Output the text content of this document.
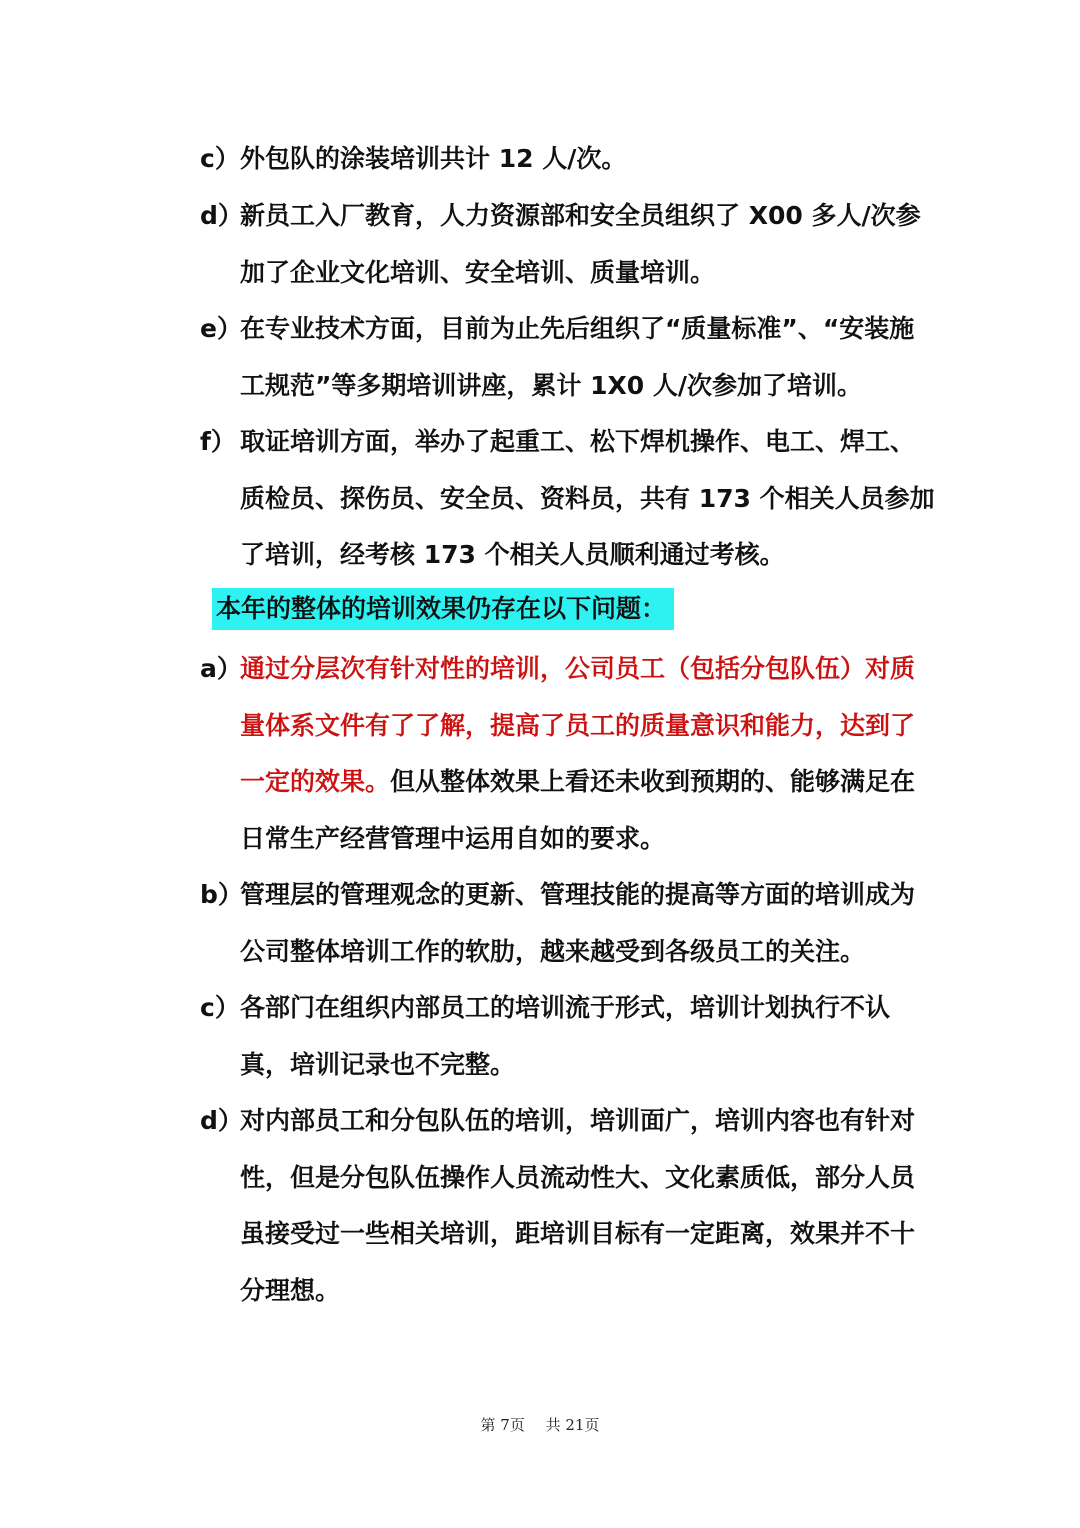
c） 外包队的涂装培训共计 12 人/次。
d）
新员工入厂教育，人力资源部和安全员组织了 X00 多人/次参
加了企业文化培训、安全培训、质量培训。
e）
在专业技术方面，目前为止先后组织了“质量标准”、“安装施
工规范”等多期培训讲座，累计 1X0 人/次参加了培训。
f） 取证培训方面，举办了起重工、松下焊机操作、电工、焊工、
质检员、探伤员、安全员、资料员，共有 173 个相关人员参加
了培训，经考核 173 个相关人员顺利通过考核。
本年的整体的培训效果仍存在以下问题：
a）
通过分层次有针对性的培训，公司员工（包括分包队伍）对质
量体系文件有了了解，提高了员工的质量意识和能力，达到了
一定的效果。但从整体效果上看还未收到预期的、能够满足在
日常生产经营管理中运用自如的要求。
b）
管理层的管理观念的更新、管理技能的提高等方面的培训成为
公司整体培训工作的软肋，越来越受到各级员工的关注。
c） 各部门在组织内部员工的培训流于形式，培训计划执行不认
真，培训记录也不完整。
d）
对内部员工和分包队伍的培训，培训面广，培训内容也有针对
性，但是分包队伍操作人员流动性大、文化素质低，部分人员
虽接受过一些相关培训，距培训目标有一定距离，效果并不十
分理想。
第 7页 共 21页
